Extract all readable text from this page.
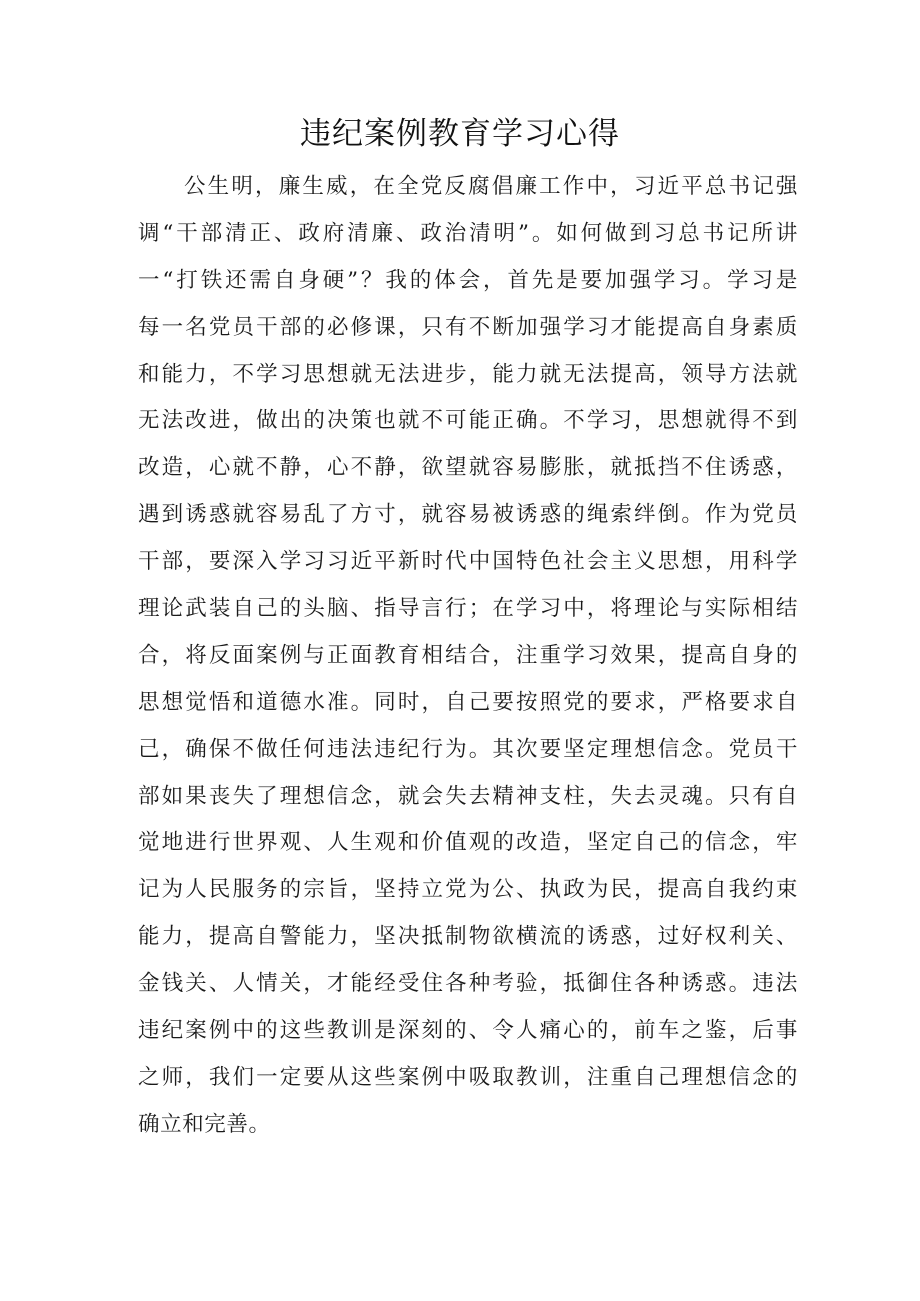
违纪案例教育学习心得
公生明，廉生威，在全党反腐倡廉工作中，习近平总书记强
调“干部清正、政府清廉、政治清明”。如何做到习总书记所讲
一“打铁还需自身硬”？我的体会，首先是要加强学习。学习是
每一名党员干部的必修课，只有不断加强学习才能提高自身素质
和能力，不学习思想就无法进步，能力就无法提高，领导方法就
无法改进，做出的决策也就不可能正确。不学习，思想就得不到
改造，心就不静，心不静，欲望就容易膨胀，就抵挡不住诱惑，
遇到诱惑就容易乱了方寸，就容易被诱惑的绳索绊倒。作为党员
干部，要深入学习习近平新时代中国特色社会主义思想，用科学
理论武装自己的头脑、指导言行；在学习中，将理论与实际相结
合，将反面案例与正面教育相结合，注重学习效果，提高自身的
思想觉悟和道德水准。同时，自己要按照党的要求，严格要求自
己，确保不做任何违法违纪行为。其次要坚定理想信念。党员干
部如果丧失了理想信念，就会失去精神支柱，失去灵魂。只有自
觉地进行世界观、人生观和价值观的改造，坚定自己的信念，牢
记为人民服务的宗旨，坚持立党为公、执政为民，提高自我约束
能力，提高自警能力，坚决抵制物欲横流的诱惑，过好权利关、
金钱关、人情关，才能经受住各种考验，抵御住各种诱惑。违法
违纪案例中的这些教训是深刻的、令人痛心的，前车之鉴，后事
之师，我们一定要从这些案例中吸取教训，注重自己理想信念的
确立和完善。
